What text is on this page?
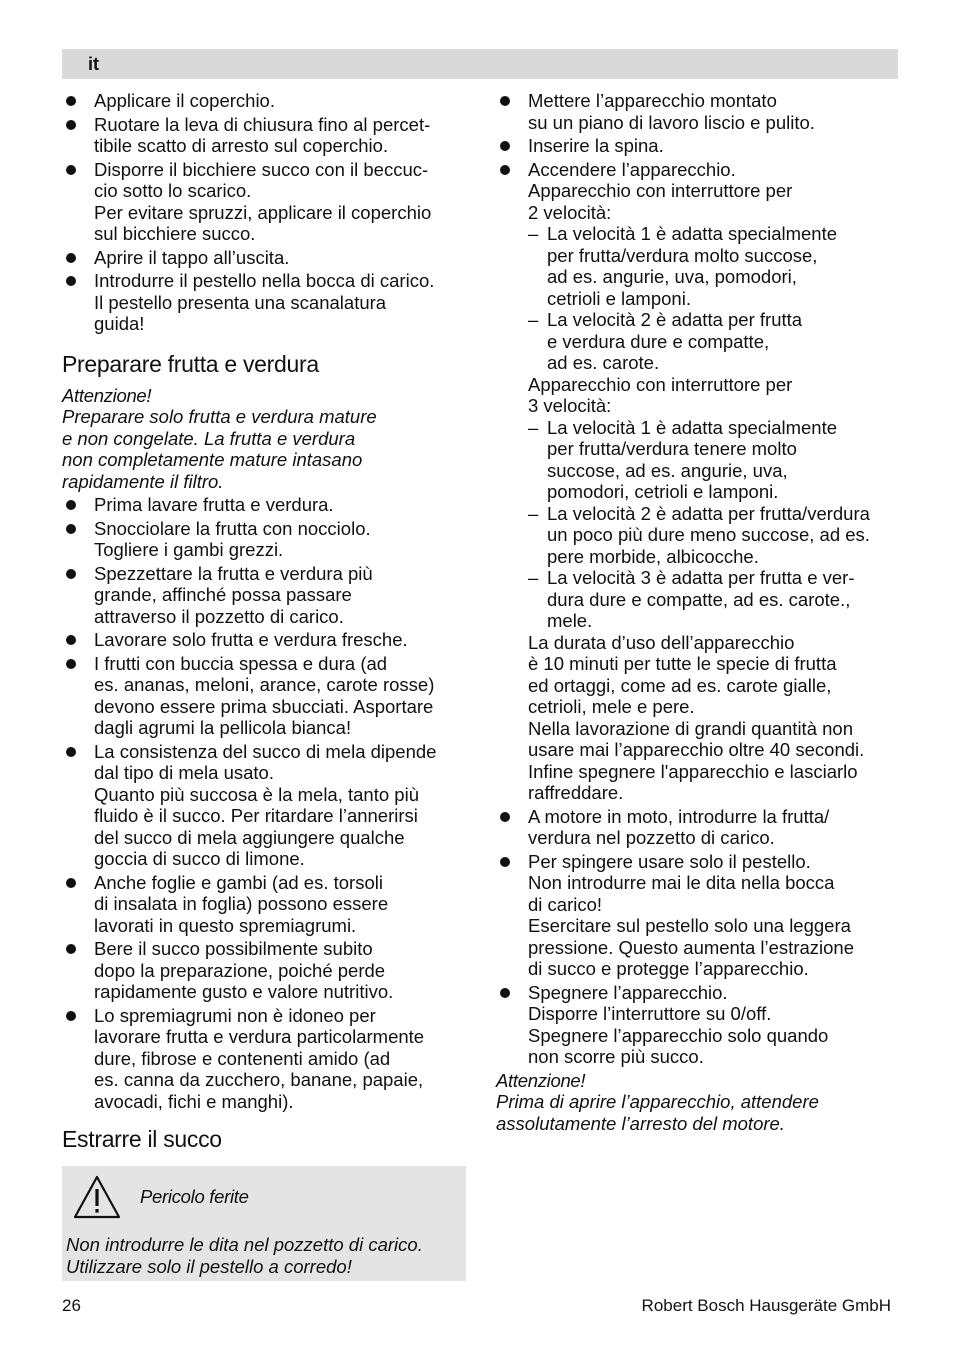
it
Applicare il coperchio.
Ruotare la leva di chiusura fino al percet-
tibile scatto di arresto sul coperchio.
Disporre il bicchiere succo con il beccuc-
cio sotto lo scarico.
Per evitare spruzzi, applicare il coperchio
sul bicchiere succo.
Aprire il tappo all’uscita.
Introdurre il pestello nella bocca di carico.
Il pestello presenta una scanalatura
guida!
Preparare frutta e verdura

Attenzione!

Preparare solo frutta e verdura mature
e non congelate. La frutta e verdura
non completamente mature intasano
rapidamente il filtro.
Prima lavare frutta e verdura.
Snocciolare la frutta con nocciolo.
Togliere i gambi grezzi.
Spezzettare la frutta e verdura più
grande, affinché possa passare
attraverso il pozzetto di carico.
Lavorare solo frutta e verdura fresche.
I frutti con buccia spessa e dura (ad
es. ananas, meloni, arance, carote rosse)
devono essere prima sbucciati. Asportare
dagli agrumi la pellicola bianca!
La consistenza del succo di mela dipende
dal tipo di mela usato.
Quanto più succosa è la mela, tanto più
fluido è il succo. Per ritardare l’annerirsi
del succo di mela aggiungere qualche
goccia di succo di limone.
Anche foglie e gambi (ad es. torsoli
di insalata in foglia) possono essere
lavorati in questo spremiagrumi.
Bere il succo possibilmente subito
dopo la preparazione, poiché perde
rapidamente gusto e valore nutritivo.
Lo spremiagrumi non è idoneo per
lavorare frutta e verdura particolarmente
dure, fibrose e contenenti amido (ad
es. canna da zucchero, banane, papaie,
avocadi, fichi e manghi).
Estrarre il succo
Pericolo ferite
Non introdurre le dita nel pozzetto di carico.
Utilizzare solo il pestello a corredo!
Mettere l’apparecchio montato
su un piano di lavoro liscio e pulito.
Inserire la spina.
Accendere l’apparecchio.
Apparecchio con interruttore per
2 velocità:
– La velocità 1 è adatta specialmente
per frutta/verdura molto succose,
ad es. angurie, uva, pomodori,
cetrioli e lamponi.
– La velocità 2 è adatta per frutta
e verdura dure e compatte,
ad es. carote.
Apparecchio con interruttore per
3 velocità:
– La velocità 1 è adatta specialmente
per frutta/verdura tenere molto
succose, ad es. angurie, uva,
pomodori, cetrioli e lamponi.
– La velocità 2 è adatta per frutta/verdura
un poco più dure meno succose, ad es.
pere morbide, albicocche.
– La velocità 3 è adatta per frutta e ver-
dura dure e compatte, ad es. carote.,
mele.
La durata d’uso dell’apparecchio
è 10 minuti per tutte le specie di frutta
ed ortaggi, come ad es. carote gialle,
cetrioli, mele e pere.
Nella lavorazione di grandi quantità non
usare mai l’apparecchio oltre 40 secondi.
Infine spegnere l'apparecchio e lasciarlo
raffreddare.
A motore in moto, introdurre la frutta/
verdura nel pozzetto di carico.
Per spingere usare solo il pestello.
Non introdurre mai le dita nella bocca
di carico!
Esercitare sul pestello solo una leggera
pressione. Questo aumenta l’estrazione
di succo e protegge l’apparecchio.
Spegnere l’apparecchio.
Disporre l’interruttore su 0/off.
Spegnere l’apparecchio solo quando
non scorre più succo.

Attenzione!

Prima di aprire l’apparecchio, attendere
assolutamente l’arresto del motore.
26	Robert Bosch Hausgeräte GmbH
